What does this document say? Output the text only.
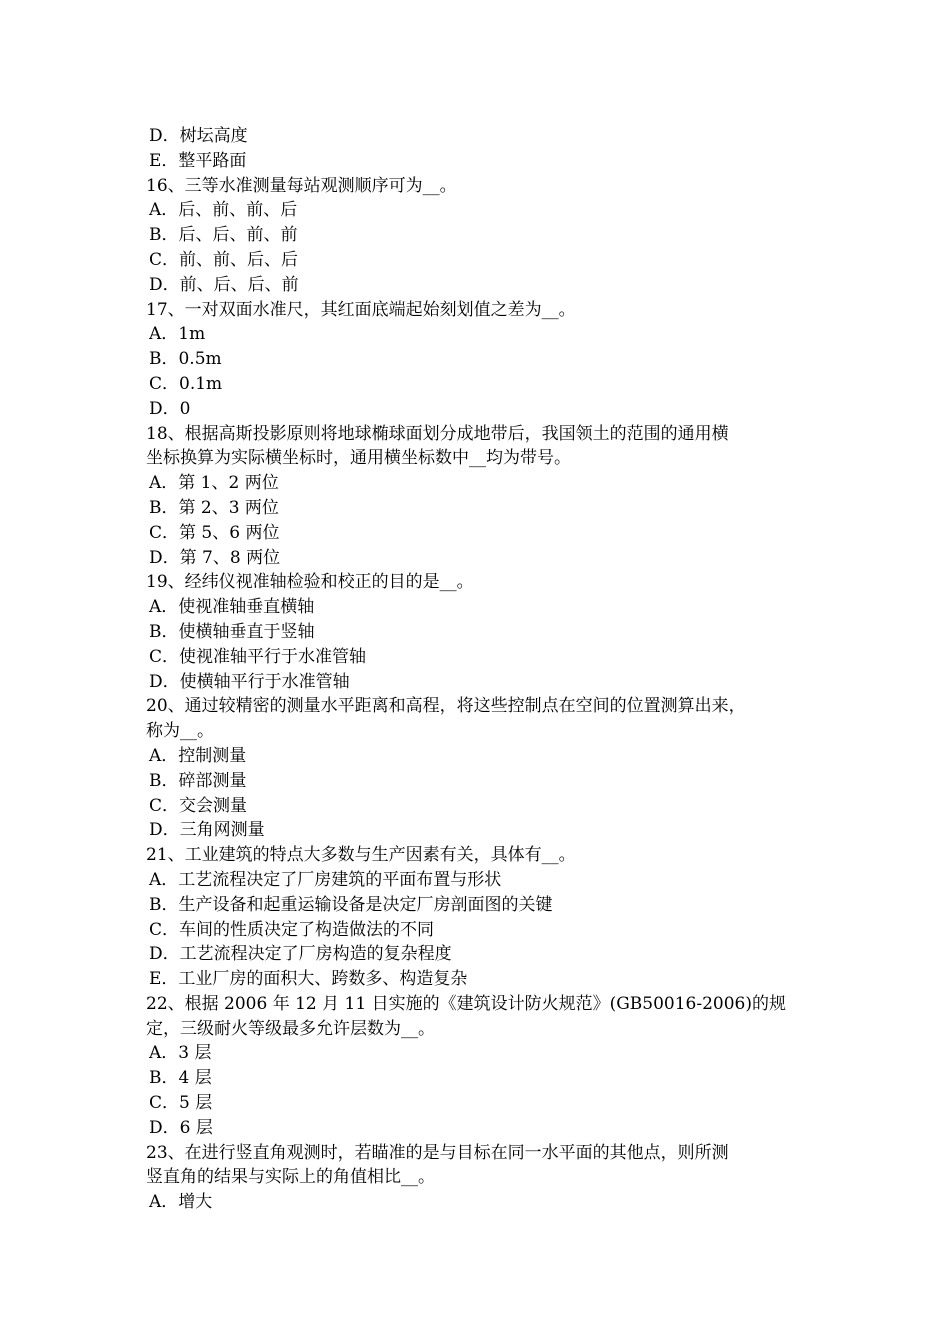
D．树坛高度
E．整平路面
16、三等水准测量每站观测顺序可为__。
A．后、前、前、后
B．后、后、前、前
C．前、前、后、后
D．前、后、后、前
17、一对双面水准尺，其红面底端起始刻划值之差为__。
A．1m
B．0.5m
C．0.1m
D．0
18、根据高斯投影原则将地球椭球面划分成地带后，我国领土的范围的通用横
坐标换算为实际横坐标时，通用横坐标数中__均为带号。
A．第 1、2 两位
B．第 2、3 两位
C．第 5、6 两位
D．第 7、8 两位
19、经纬仪视准轴检验和校正的目的是__。
A．使视准轴垂直横轴
B．使横轴垂直于竖轴
C．使视准轴平行于水准管轴
D．使横轴平行于水准管轴
20、通过较精密的测量水平距离和高程，将这些控制点在空间的位置测算出来，
称为__。
A．控制测量
B．碎部测量
C．交会测量
D．三角网测量
21、工业建筑的特点大多数与生产因素有关，具体有__。
A．工艺流程决定了厂房建筑的平面布置与形状
B．生产设备和起重运输设备是决定厂房剖面图的关键
C．车间的性质决定了构造做法的不同
D．工艺流程决定了厂房构造的复杂程度
E．工业厂房的面积大、跨数多、构造复杂
22、根据 2006 年 12 月 11 日实施的《建筑设计防火规范》(GB50016-2006)的规
定，三级耐火等级最多允许层数为__。
A．3 层
B．4 层
C．5 层
D．6 层
23、在进行竖直角观测时，若瞄准的是与目标在同一水平面的其他点，则所测
竖直角的结果与实际上的角值相比__。
A．增大
